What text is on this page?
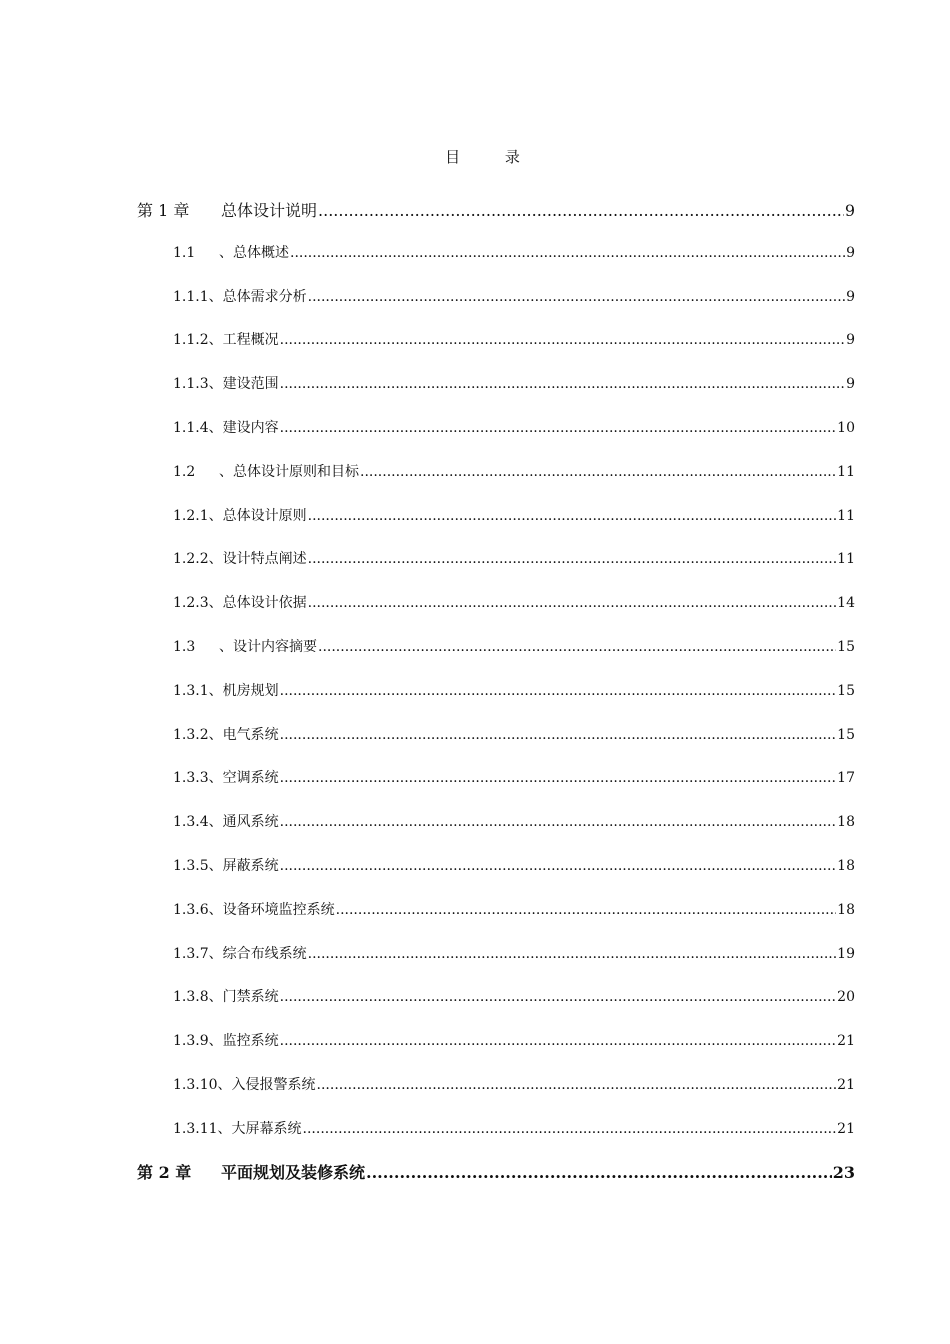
目 录
第 1 章	总体设计说明 .....	9
1.1	、总体概述 .....	9
1.1.1 、总体需求分析 .....	9
1.1.2 、工程概况 .....	9
1.1.3 、建设范围 .....	9
1.1.4 、建设内容 .....	10
1.2	、总体设计原则和目标 .....	11
1.2.1 、总体设计原则 .....	11
1.2.2 、设计特点阐述 .....	11
1.2.3 、总体设计依据 .....	14
1.3	、设计内容摘要 .....	15
1.3.1 、机房规划 .....	15
1.3.2 、电气系统 .....	15
1.3.3 、空调系统 .....	17
1.3.4 、通风系统 .....	18
1.3.5 、屏蔽系统 .....	18
1.3.6 、设备环境监控系统 .....	18
1.3.7 、综合布线系统 .....	19
1.3.8 、门禁系统 .....	20
1.3.9 、监控系统 .....	21
1.3.10 、入侵报警系统 .....	21
1.3.11 、大屏幕系统 .....	21
第 2 章	平面规划及装修系统 .....	23
